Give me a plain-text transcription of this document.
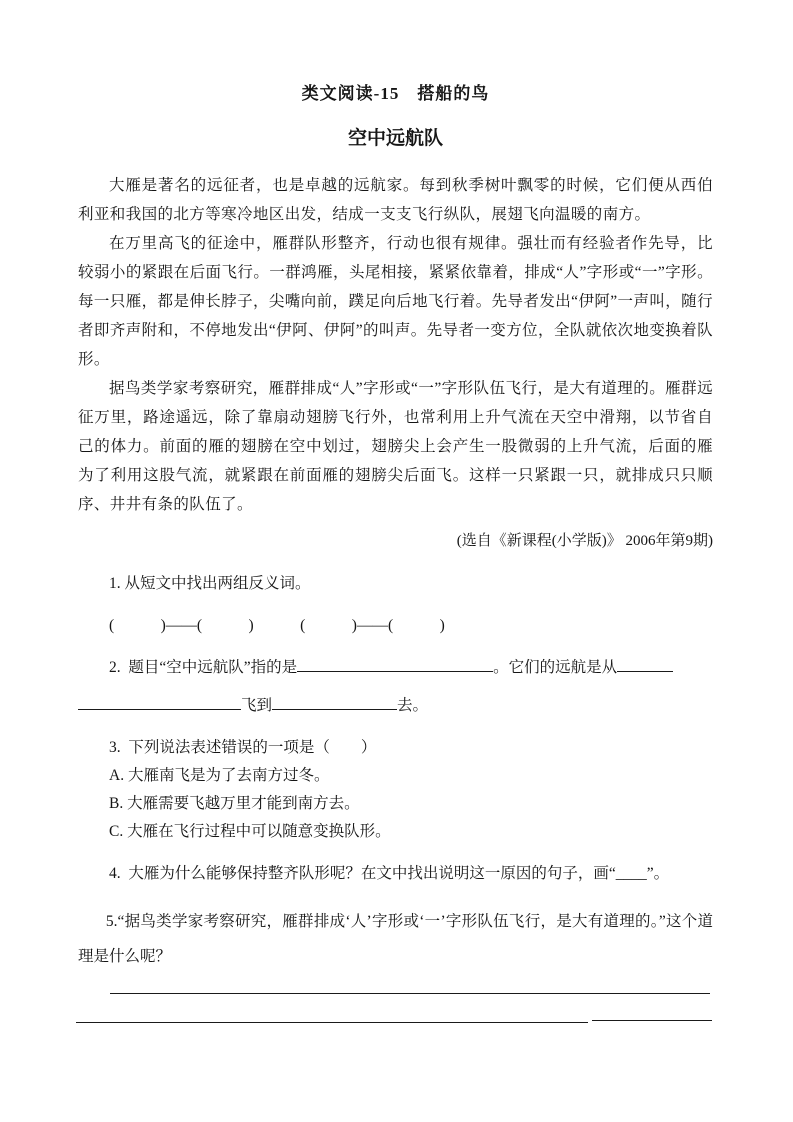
类文阅读-15　搭船的鸟
空中远航队

大雁是著名的远征者，也是卓越的远航家。每到秋季树叶飘零的时候，它们便从西伯利亚和我国的北方等寒冷地区出发，结成一支支飞行纵队，展翅飞向温暖的南方。

在万里高飞的征途中，雁群队形整齐，行动也很有规律。强壮而有经验者作先导，比较弱小的紧跟在后面飞行。一群鸿雁，头尾相接，紧紧依靠着，排成“人”字形或“一”字形。每一只雁，都是伸长脖子，尖嘴向前，蹼足向后地飞行着。先导者发出“伊阿”一声叫，随行者即齐声附和，不停地发出“伊阿、伊阿”的叫声。先导者一变方位，全队就依次地变换着队形。

据鸟类学家考察研究，雁群排成“人”字形或“一”字形队伍飞行，是大有道理的。雁群远征万里，路途遥远，除了靠扇动翅膀飞行外，也常利用上升气流在天空中滑翔，以节省自己的体力。前面的雁的翅膀在空中划过，翅膀尖上会产生一股微弱的上升气流，后面的雁为了利用这股气流，就紧跟在前面雁的翅膀尖后面飞。这样一只紧跟一只，就排成只只顺序、井井有条的队伍了。

(选自《新课程(小学版)》 2006年第9期)

1. 从短文中找出两组反义词。

(　　　)——(　　　)　　　(　　　)——(　　　)

2.  题目“空中远航队”指的是	。它们的远航是从

飞到	去。

3.  下列说法表述错误的一项是（　　）

A. 大雁南飞是为了去南方过冬。

B. 大雁需要飞越万里才能到南方去。

C. 大雁在飞行过程中可以随意变换队形。

4.  大雁为什么能够保持整齐队形呢？在文中找出说明这一原因的句子，画“____”。

5.“据鸟类学家考察研究，雁群排成‘人’字形或‘一’字形队伍飞行，是大有道理的。”这个道理是什么呢？
